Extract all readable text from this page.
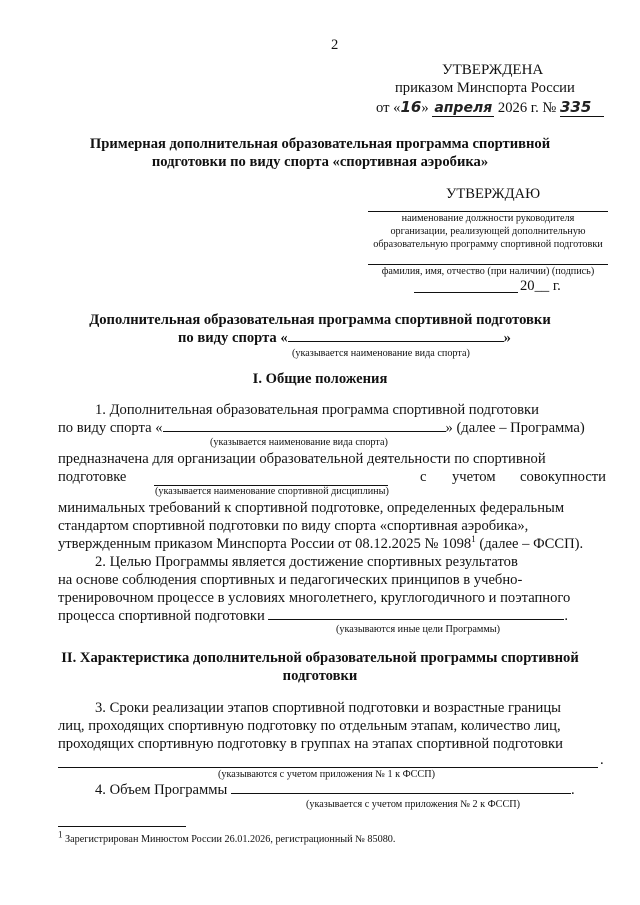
2
УТВЕРЖДЕНА
приказом Минспорта России
от «16» апреля 2026 г. № 335
Примерная дополнительная образовательная программа спортивной
подготовки по виду спорта «спортивная аэробика»
УТВЕРЖДАЮ
наименование должности руководителя
организации, реализующей дополнительную
образовательную программу спортивной подготовки
фамилия, имя, отчество (при наличии) (подпись)
20__ г.
Дополнительная образовательная программа спортивной подготовки
по виду спорта «	»
(указывается наименование вида спорта)
I. Общие положения
1. Дополнительная образовательная программа спортивной подготовки
по виду спорта «	» (далее – Программа)
(указывается наименование вида спорта)
предназначена для организации образовательной деятельности по спортивной
подготовке	с учетом совокупности
(указывается наименование спортивной дисциплины)
минимальных требований к спортивной подготовке, определенных федеральным
стандартом спортивной подготовки по виду спорта «спортивная аэробика»,
утвержденным приказом Минспорта России от 08.12.2025 № 1098$^1$ (далее – ФССП).
2. Целью Программы является достижение спортивных результатов
на основе соблюдения спортивных и педагогических принципов в учебно-
тренировочном процессе в условиях многолетнего, круглогодичного и поэтапного
процесса спортивной подготовки	.
(указываются иные цели Программы)
II. Характеристика дополнительной образовательной программы спортивной
подготовки
3. Сроки реализации этапов спортивной подготовки и возрастные границы
лиц, проходящих спортивную подготовку по отдельным этапам, количество лиц,
проходящих спортивную подготовку в группах на этапах спортивной подготовки
.
(указываются с учетом приложения № 1 к ФССП)
4. Объем Программы	.
(указывается с учетом приложения № 2 к ФССП)
$^1$ Зарегистрирован Минюстом России 26.01.2026, регистрационный № 85080.
